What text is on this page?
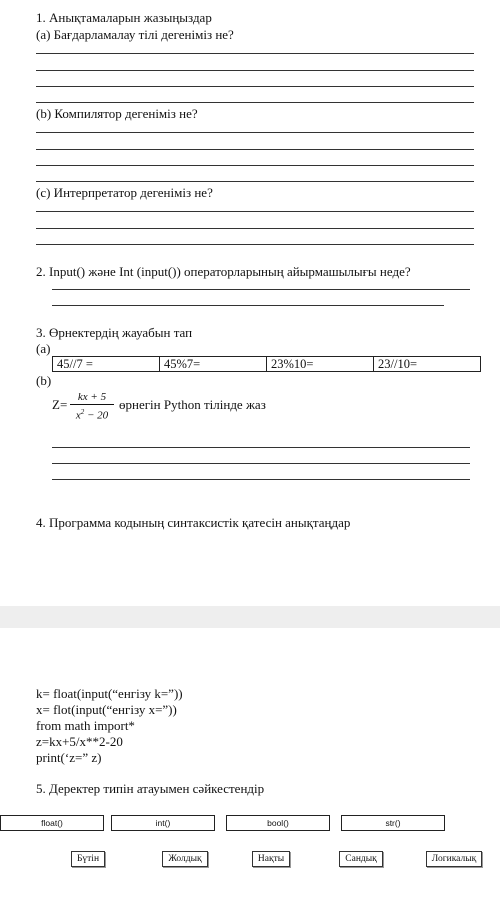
1. Анықтамаларын жазыңыздар
(a) Бағдарламалау тілі дегеніміз не?
(b) Компилятор дегеніміз не?
(c) Интерпретатор дегеніміз не?
2. Input() және Int (input()) операторларының айырмашылығы неде?
3. Өрнектердің жауабын тап
(a)
45//7 =	45%7=	23%10=	23//10=
(b)
$Z= \frac{kx + 5}{x^2 - 20}$ өрнегін Python тілінде жаз
4. Программа кодының синтаксистік қатесін анықтаңдар
k= float(input(“енгізу k=”))
x= flot(input(“енгізу x=”))
from math import*
z=kx+5/x**2-20
print(‘z=” z)
5. Деректер типін атауымен сәйкестендір
float()	int()	bool()	str()
Бүтін	Жолдық	Нақты	Сандық	Логикалық
